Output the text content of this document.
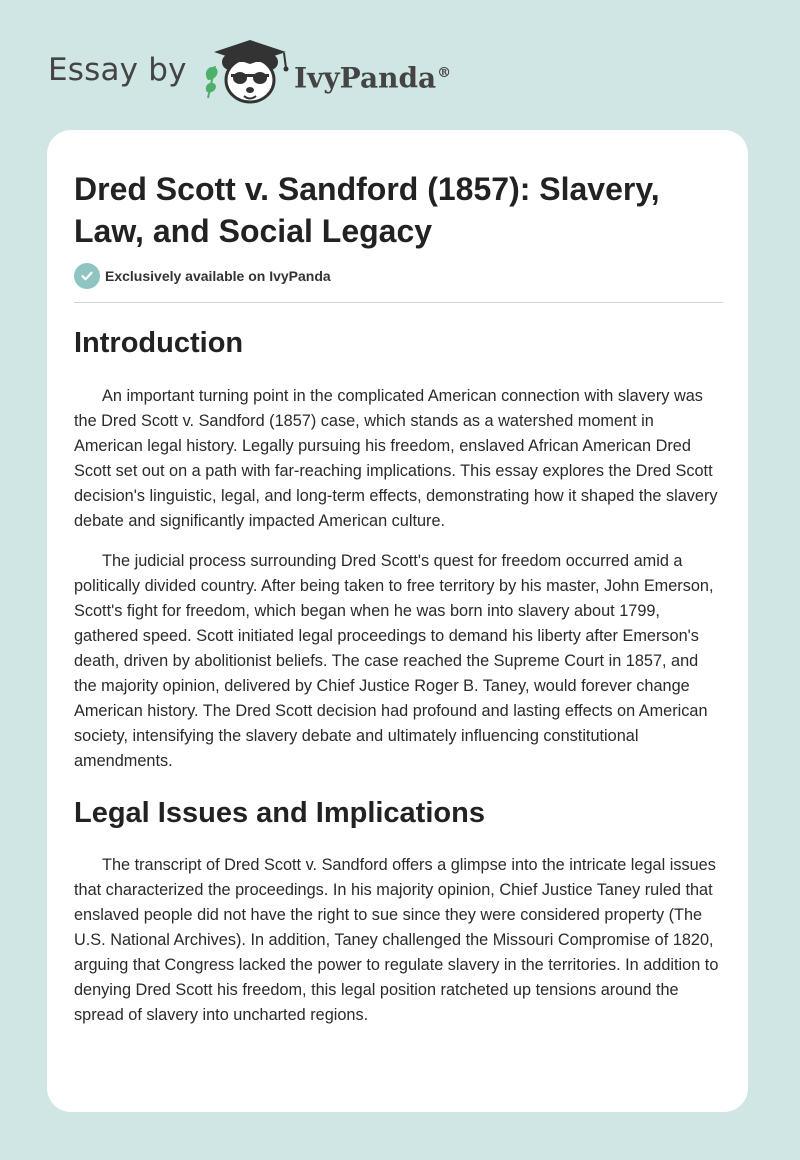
Essay by	IvyPanda®
Dred Scott v. Sandford (1857): Slavery, Law, and Social Legacy
Exclusively available on IvyPanda
Introduction

An important turning point in the complicated American connection with slavery was the Dred Scott v. Sandford (1857) case, which stands as a watershed moment in American legal history. Legally pursuing his freedom, enslaved African American Dred Scott set out on a path with far-reaching implications. This essay explores the Dred Scott decision's linguistic, legal, and long-term effects, demonstrating how it shaped the slavery debate and significantly impacted American culture.

The judicial process surrounding Dred Scott's quest for freedom occurred amid a politically divided country. After being taken to free territory by his master, John Emerson, Scott's fight for freedom, which began when he was born into slavery about 1799, gathered speed. Scott initiated legal proceedings to demand his liberty after Emerson's death, driven by abolitionist beliefs. The case reached the Supreme Court in 1857, and the majority opinion, delivered by Chief Justice Roger B. Taney, would forever change American history. The Dred Scott decision had profound and lasting effects on American society, intensifying the slavery debate and ultimately influencing constitutional amendments.

Legal Issues and Implications

The transcript of Dred Scott v. Sandford offers a glimpse into the intricate legal issues that characterized the proceedings. In his majority opinion, Chief Justice Taney ruled that enslaved people did not have the right to sue since they were considered property (The U.S. National Archives). In addition, Taney challenged the Missouri Compromise of 1820, arguing that Congress lacked the power to regulate slavery in the territories. In addition to denying Dred Scott his freedom, this legal position ratcheted up tensions around the spread of slavery into uncharted regions.
